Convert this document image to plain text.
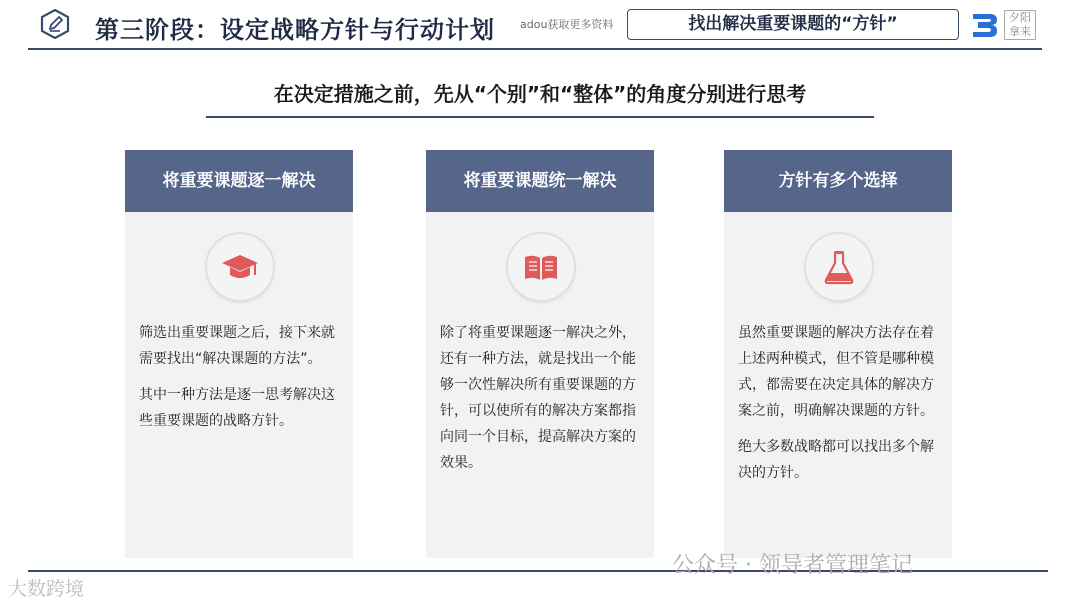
第三阶段：设定战略方针与行动计划 adou获取更多资料	找出解决重要课题的“方针”	夕阳 拿来
在决定措施之前，先从“个别”和“整体”的角度分别进行思考
将重要课题逐一解决

筛选出重要课题之后，接下来就需要找出“解决课题的方法”。

其中一种方法是逐一思考解决这些重要课题的战略方针。

将重要课题统一解决

除了将重要课题逐一解决之外，还有一种方法，就是找出一个能够一次性解决所有重要课题的方针，可以使所有的解决方案都指向同一个目标，提高解决方案的效果。

方针有多个选择

虽然重要课题的解决方法存在着上述两种模式，但不管是哪种模式，都需要在决定具体的解决方案之前，明确解决课题的方针。

绝大多数战略都可以找出多个解决的方针。

大数跨境
公众号 · 领导者管理笔记
